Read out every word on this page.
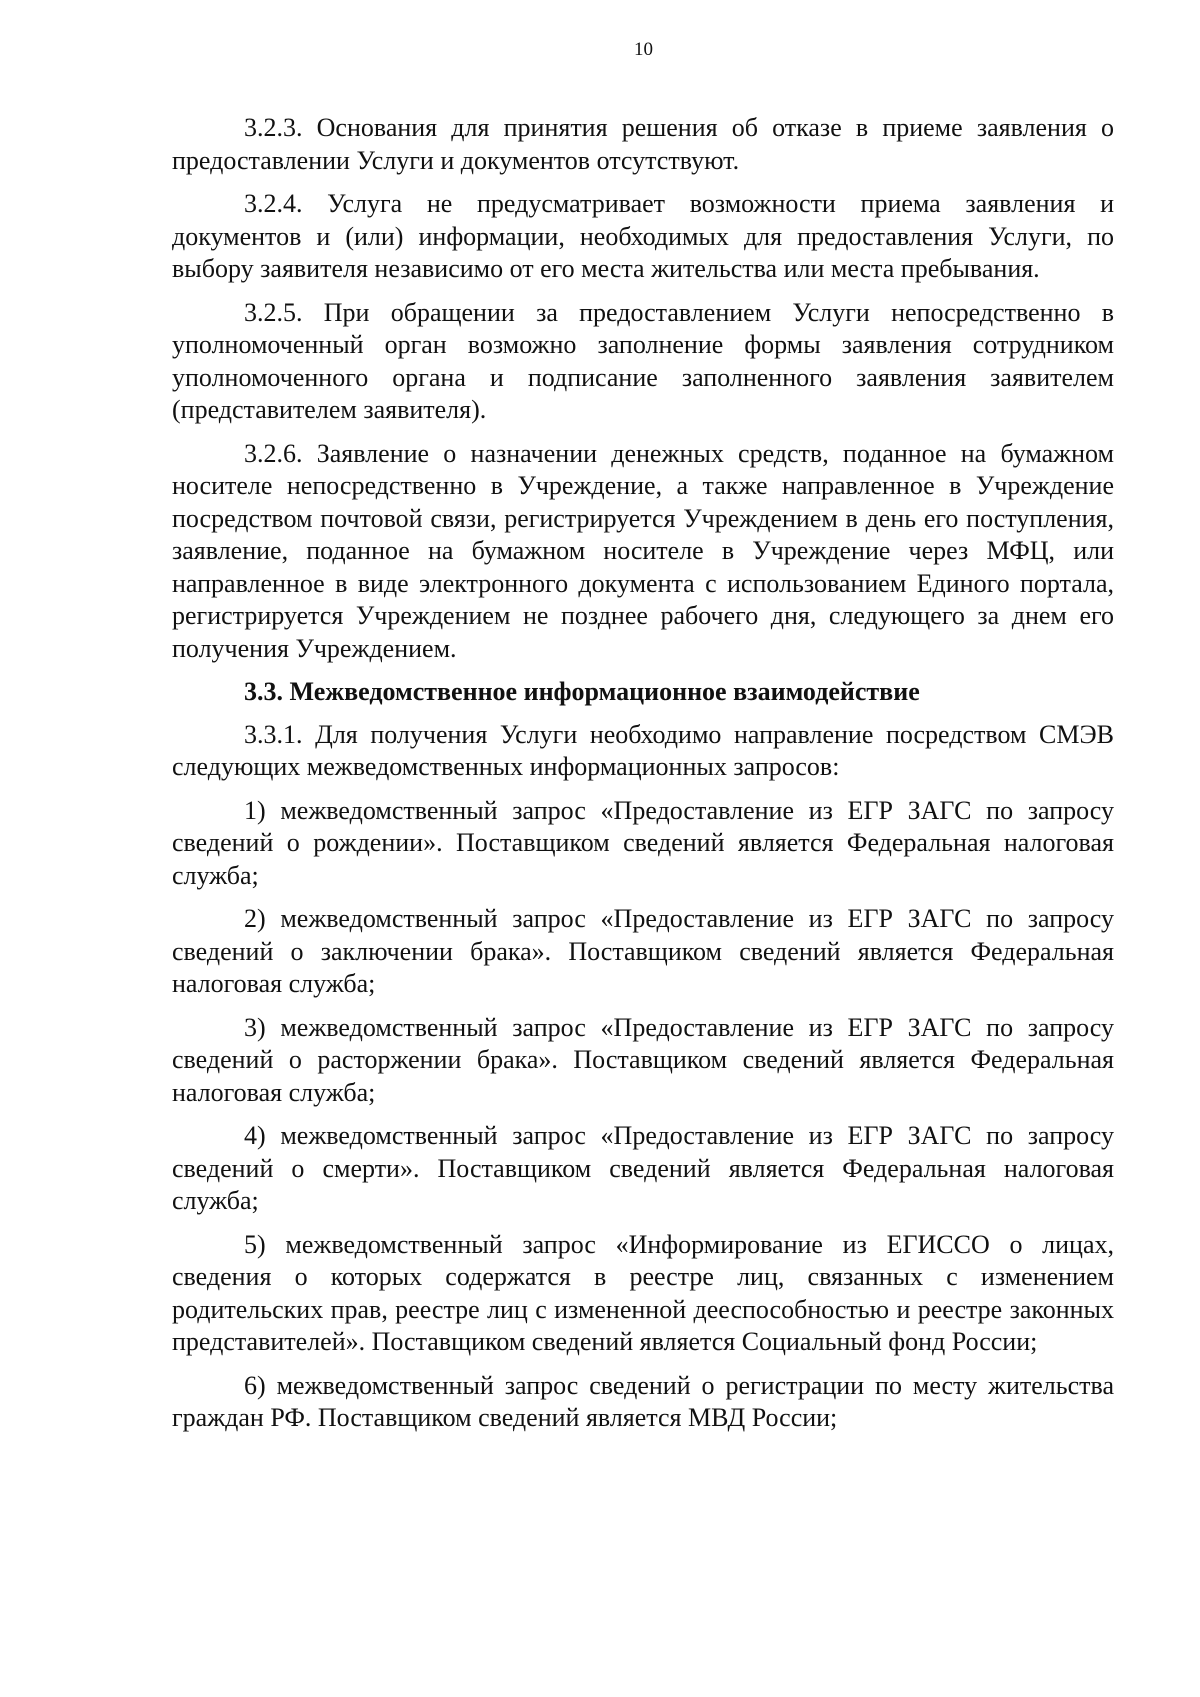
10

3.2.3. Основания для принятия решения об отказе в приеме заявления о предоставлении Услуги и документов отсутствуют.

3.2.4. Услуга не предусматривает возможности приема заявления и документов и (или) информации, необходимых для предоставления Услуги, по выбору заявителя независимо от его места жительства или места пребывания.

3.2.5. При обращении за предоставлением Услуги непосредственно в уполномоченный орган возможно заполнение формы заявления сотрудником уполномоченного органа и подписание заполненного заявления заявителем (представителем заявителя).

3.2.6. Заявление о назначении денежных средств, поданное на бумажном носителе непосредственно в Учреждение, а также направленное в Учреждение посредством почтовой связи, регистрируется Учреждением в день его поступления, заявление, поданное на бумажном носителе в Учреждение через МФЦ, или направленное в виде электронного документа с использованием Единого портала, регистрируется Учреждением не позднее рабочего дня, следующего за днем его получения Учреждением.

3.3. Межведомственное информационное взаимодействие

3.3.1. Для получения Услуги необходимо направление посредством СМЭВ следующих межведомственных информационных запросов:

1) межведомственный запрос «Предоставление из ЕГР ЗАГС по запросу сведений о рождении». Поставщиком сведений является Федеральная налоговая служба;

2) межведомственный запрос «Предоставление из ЕГР ЗАГС по запросу сведений о заключении брака». Поставщиком сведений является Федеральная налоговая служба;

3) межведомственный запрос «Предоставление из ЕГР ЗАГС по запросу сведений о расторжении брака». Поставщиком сведений является Федеральная налоговая служба;

4) межведомственный запрос «Предоставление из ЕГР ЗАГС по запросу сведений о смерти». Поставщиком сведений является Федеральная налоговая служба;

5) межведомственный запрос «Информирование из ЕГИССО о лицах, сведения о которых содержатся в реестре лиц, связанных с изменением родительских прав, реестре лиц с измененной дееспособностью и реестре законных представителей». Поставщиком сведений является Социальный фонд России;

6) межведомственный запрос сведений о регистрации по месту жительства граждан РФ. Поставщиком сведений является МВД России;
